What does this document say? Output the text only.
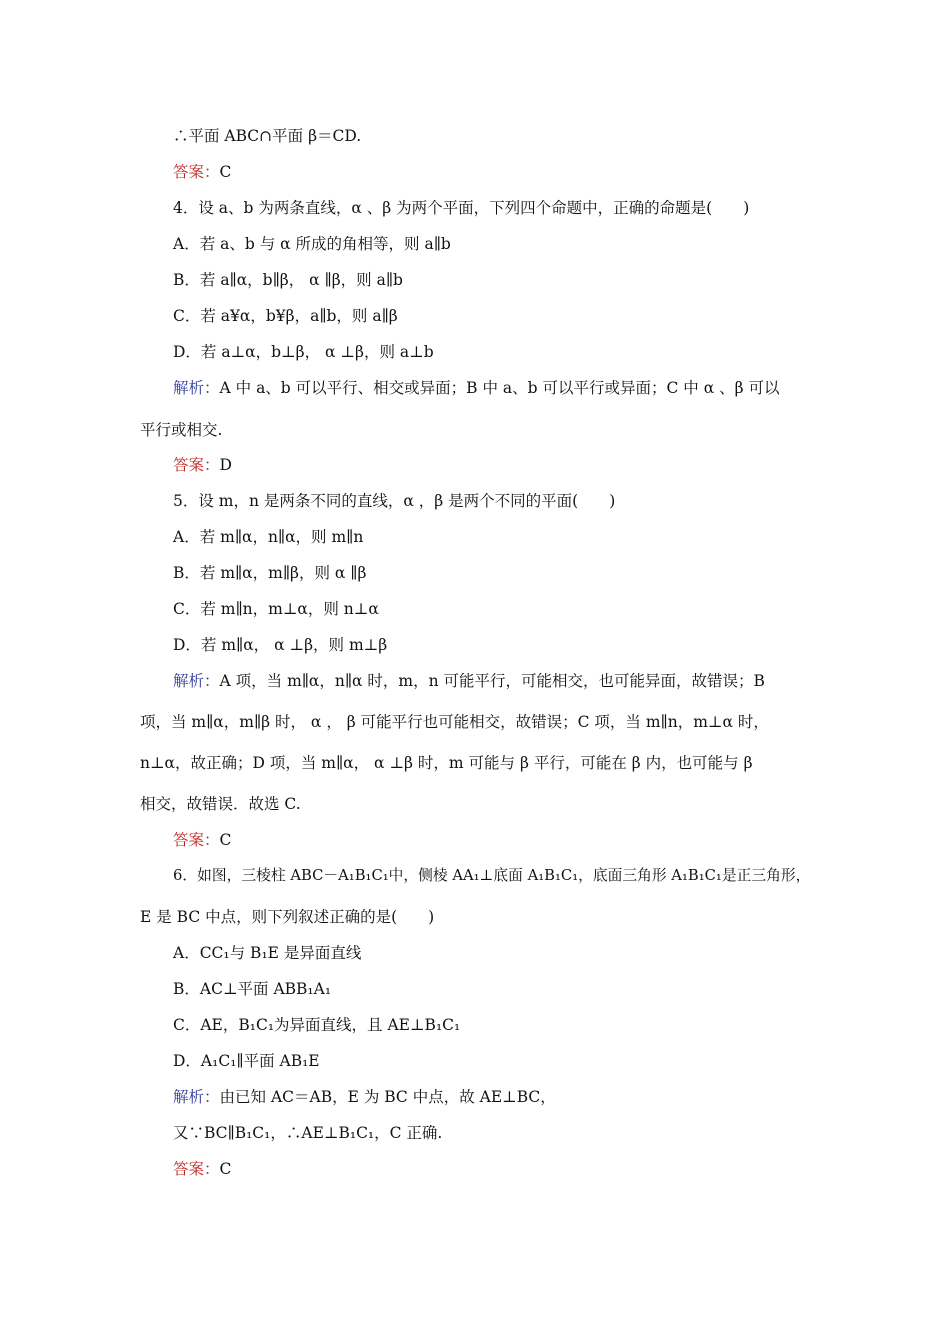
∴平面 ABC∩平面 β＝CD.
答案：C
4．设 a、b 为两条直线，α 、β 为两个平面，下列四个命题中，正确的命题是(　　)
A．若 a、b 与 α 所成的角相等，则 a∥b
B．若 a∥α，b∥β， α ∥β，则 a∥b
C．若 a¥α，b¥β，a∥b，则 a∥β
D．若 a⊥α，b⊥β， α ⊥β，则 a⊥b
解析：A 中 a、b 可以平行、相交或异面；B 中 a、b 可以平行或异面；C 中 α 、β 可以
平行或相交.
答案：D
5．设 m，n 是两条不同的直线，α ，β 是两个不同的平面(　　)
A．若 m∥α，n∥α，则 m∥n
B．若 m∥α，m∥β，则 α ∥β
C．若 m∥n，m⊥α，则 n⊥α
D．若 m∥α， α ⊥β，则 m⊥β
解析：A 项，当 m∥α，n∥α 时，m，n 可能平行，可能相交，也可能异面，故错误；B
项，当 m∥α，m∥β 时， α ， β 可能平行也可能相交，故错误；C 项，当 m∥n，m⊥α 时，
n⊥α，故正确；D 项，当 m∥α， α ⊥β 时，m 可能与 β 平行，可能在 β 内，也可能与 β
相交，故错误．故选 C.
答案：C
6．如图，三棱柱 ABC－A₁B₁C₁中，侧棱 AA₁⊥底面 A₁B₁C₁，底面三角形 A₁B₁C₁是正三角形，
E 是 BC 中点，则下列叙述正确的是(　　)
A．CC₁与 B₁E 是异面直线
B．AC⊥平面 ABB₁A₁
C．AE，B₁C₁为异面直线，且 AE⊥B₁C₁
D．A₁C₁∥平面 AB₁E
解析：由已知 AC＝AB，E 为 BC 中点，故 AE⊥BC，
又∵BC∥B₁C₁，∴AE⊥B₁C₁，C 正确.
答案：C
